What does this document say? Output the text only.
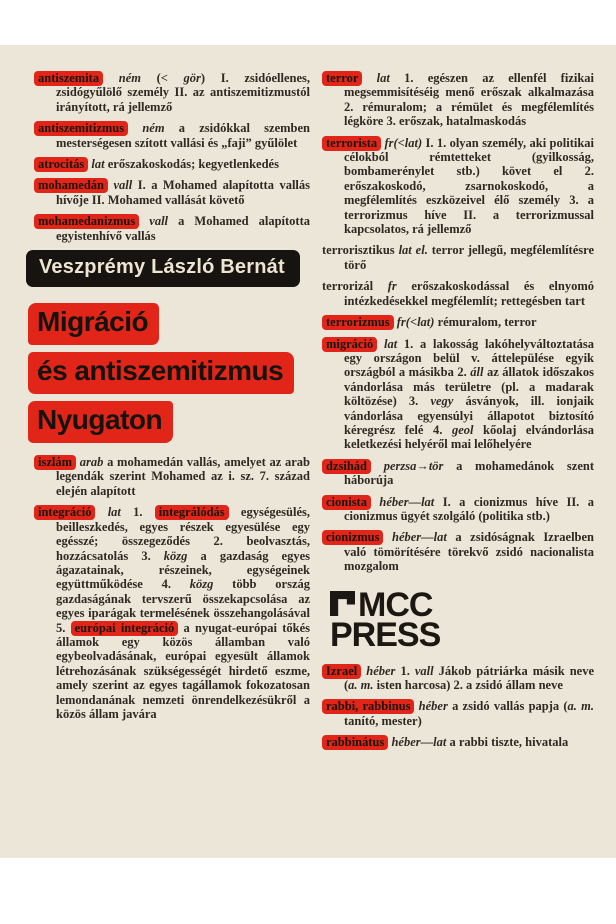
antiszemita ném (< gör) I. zsidóellenes, zsidógyűlölő személy II. az antiszemitizmustól irányított, rá jellemző

antiszemitizmus ném a zsidókkal szemben mesterségesen szított vallási és „faji” gyűlölet

atrocitás lat erőszakoskodás; kegyetlenkedés

mohamedán vall I. a Mohamed alapította vallás hívője II. Mohamed vallását követő

mohamedanizmus vall a Mohamed alapította egyistenhívő vallás

Veszprémy László Bernát
Migráció
és antiszemitizmus
Nyugaton

iszlám arab a mohamedán vallás, amelyet az arab legendák szerint Mohamed az i. sz. 7. század elején alapított

integráció lat 1. integrálódás egységesülés, beilleszkedés, egyes részek egyesülése egy egésszé; összegeződés 2. beolvasztás, hozzácsatolás 3. közg a gazdaság egyes ágazatainak, részeinek, egységeinek együttműködése 4. közg több ország gazdaságának tervszerű összekapcsolása az egyes iparágak termelésének összehangolásával 5. európai integráció a nyugat-európai tőkés államok egy közös államban való egybeolvadásának, európai egyesült államok létrehozásának szükségességét hirdető eszme, amely szerint az egyes tagállamok fokozatosan lemondanának nemzeti önrendelkezésükről a közös állam javára

terror lat 1. egészen az ellenfél fizikai megsemmisítéséig menő erőszak alkalmazása 2. rémuralom; a rémület és megfélemlítés légköre 3. erőszak, hatalmaskodás

terrorista fr(<lat) I. 1. olyan személy, aki politikai célokból rémtetteket (gyilkosság, bombamerénylet stb.) követ el 2. erőszakoskodó, zsarnokoskodó, a megfélemlítés eszközeivel élő személy 3. a terrorizmus híve II. a terrorizmussal kapcsolatos, rá jellemző

terrorisztikus lat el. terror jellegű, megfélemlítésre törő

terrorizál fr erőszakoskodással és elnyomó intézkedésekkel megfélemlít; rettegésben tart

terrorizmus fr(<lat) rémuralom, terror

migráció lat 1. a lakosság lakóhelyváltoztatása egy országon belül v. áttelepülése egyik országból a másikba 2. áll az állatok időszakos vándorlása más területre (pl. a madarak költözése) 3. vegy ásványok, ill. ionjaik vándorlása egyensúlyi állapotot biztosító kéregrész felé 4. geol kőolaj elvándorlása keletkezési helyéről mai lelőhelyére

dzsihád perzsa→tör a mohamedánok szent háborúja

cionista héber—lat I. a cionizmus híve II. a cionizmus ügyét szolgáló (politika stb.)

cionizmus héber—lat a zsidóságnak Izraelben való tömörítésére törekvő zsidó nacionalista mozgalom

MCC
PRESS

Izrael héber 1. vall Jákob pátriárka másik neve (a. m. isten harcosa) 2. a zsidó állam neve

rabbi, rabbinus héber a zsidó vallás papja (a. m. tanító, mester)

rabbinátus héber—lat a rabbi tiszte, hivatala
